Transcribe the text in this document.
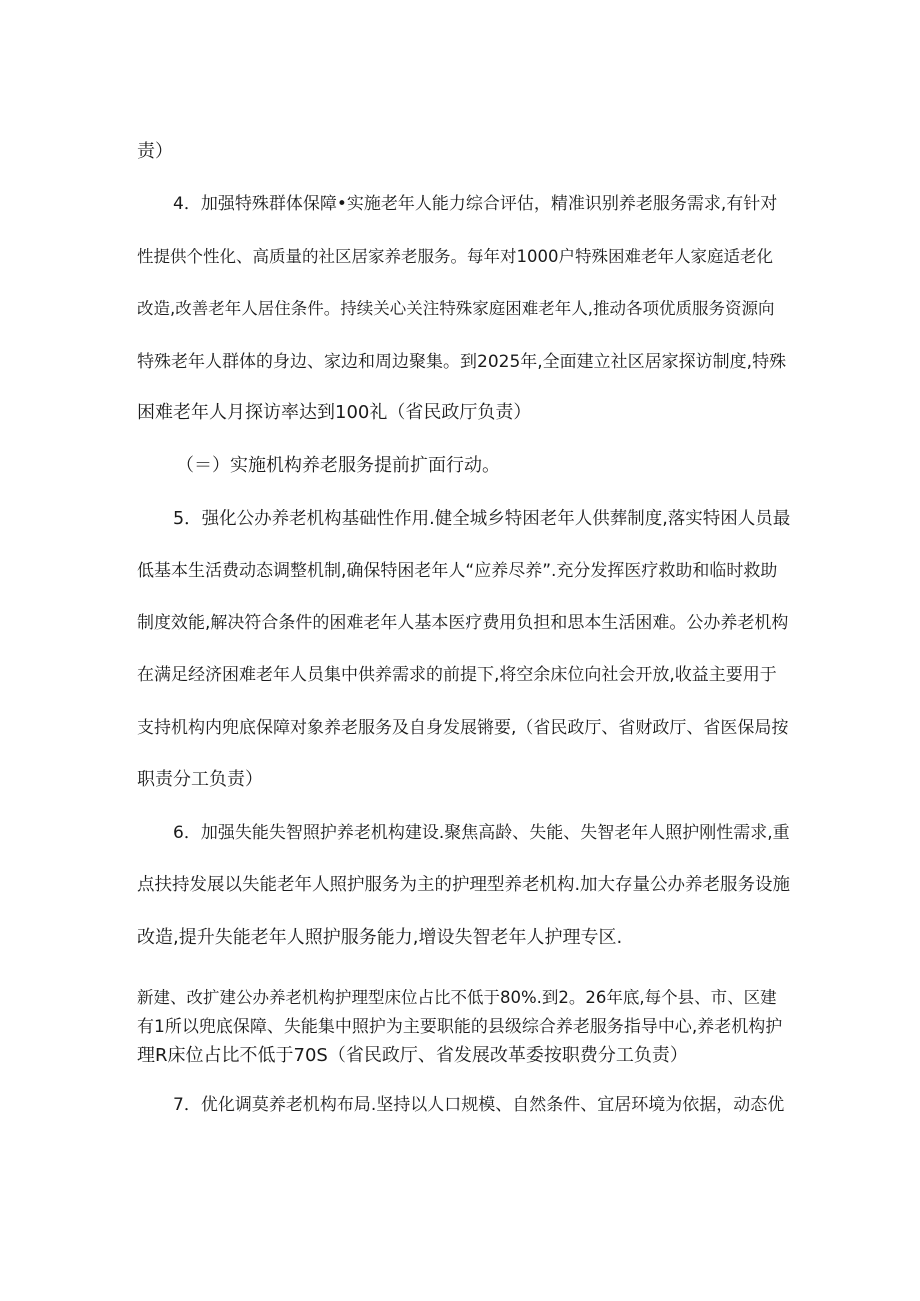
责）

4．加强特殊群体保障•实施老年人能力综合评估，精准识别养老服务需求,有针对

性提供个性化、高质量的社区居家养老服务。每年对1000户特殊困难老年人家庭适老化

改造,改善老年人居住条件。持续关心关注特殊家庭困难老年人,推动各项优质服务资源向

特殊老年人群体的身边、家边和周边聚集。到2025年,全面建立社区居家探访制度,特殊

困难老年人月探访率达到100礼（省民政厅负责）

（＝）实施机构养老服务提前扩面行动。

5．强化公办养老机构基础性作用.健全城乡特困老年人供葬制度,落实特困人员最

低基本生活费动态调整机制,确保特困老年人“应养尽养”.充分发挥医疗救助和临时救助

制度效能,解决符合条件的困难老年人基本医疗费用负担和思本生活困难。公办养老机构

在满足经济困难老年人员集中供养需求的前提下,将空余床位向社会开放,收益主要用于

支持机构内兜底保障对象养老服务及自身发展锵要,（省民政厅、省财政厅、省医保局按

职责分工负责）

6．加强失能失智照护养老机构建设.聚焦高龄、失能、失智老年人照护刚性需求,重

点扶持发展以失能老年人照护服务为主的护理型养老机构.加大存量公办养老服务设施

改造,提升失能老年人照护服务能力,增设失智老年人护理专区.

新建、改扩建公办养老机构护理型床位占比不低于80%.到2。26年底,每个县、市、区建

有1所以兜底保障、失能集中照护为主要职能的县级综合养老服务指导中心,养老机构护

理R床位占比不低于70S（省民政厅、省发展改革委按职费分工负责）

7．优化调莫养老机构布局.坚持以人口规模、自然条件、宜居环境为依据，动态优
